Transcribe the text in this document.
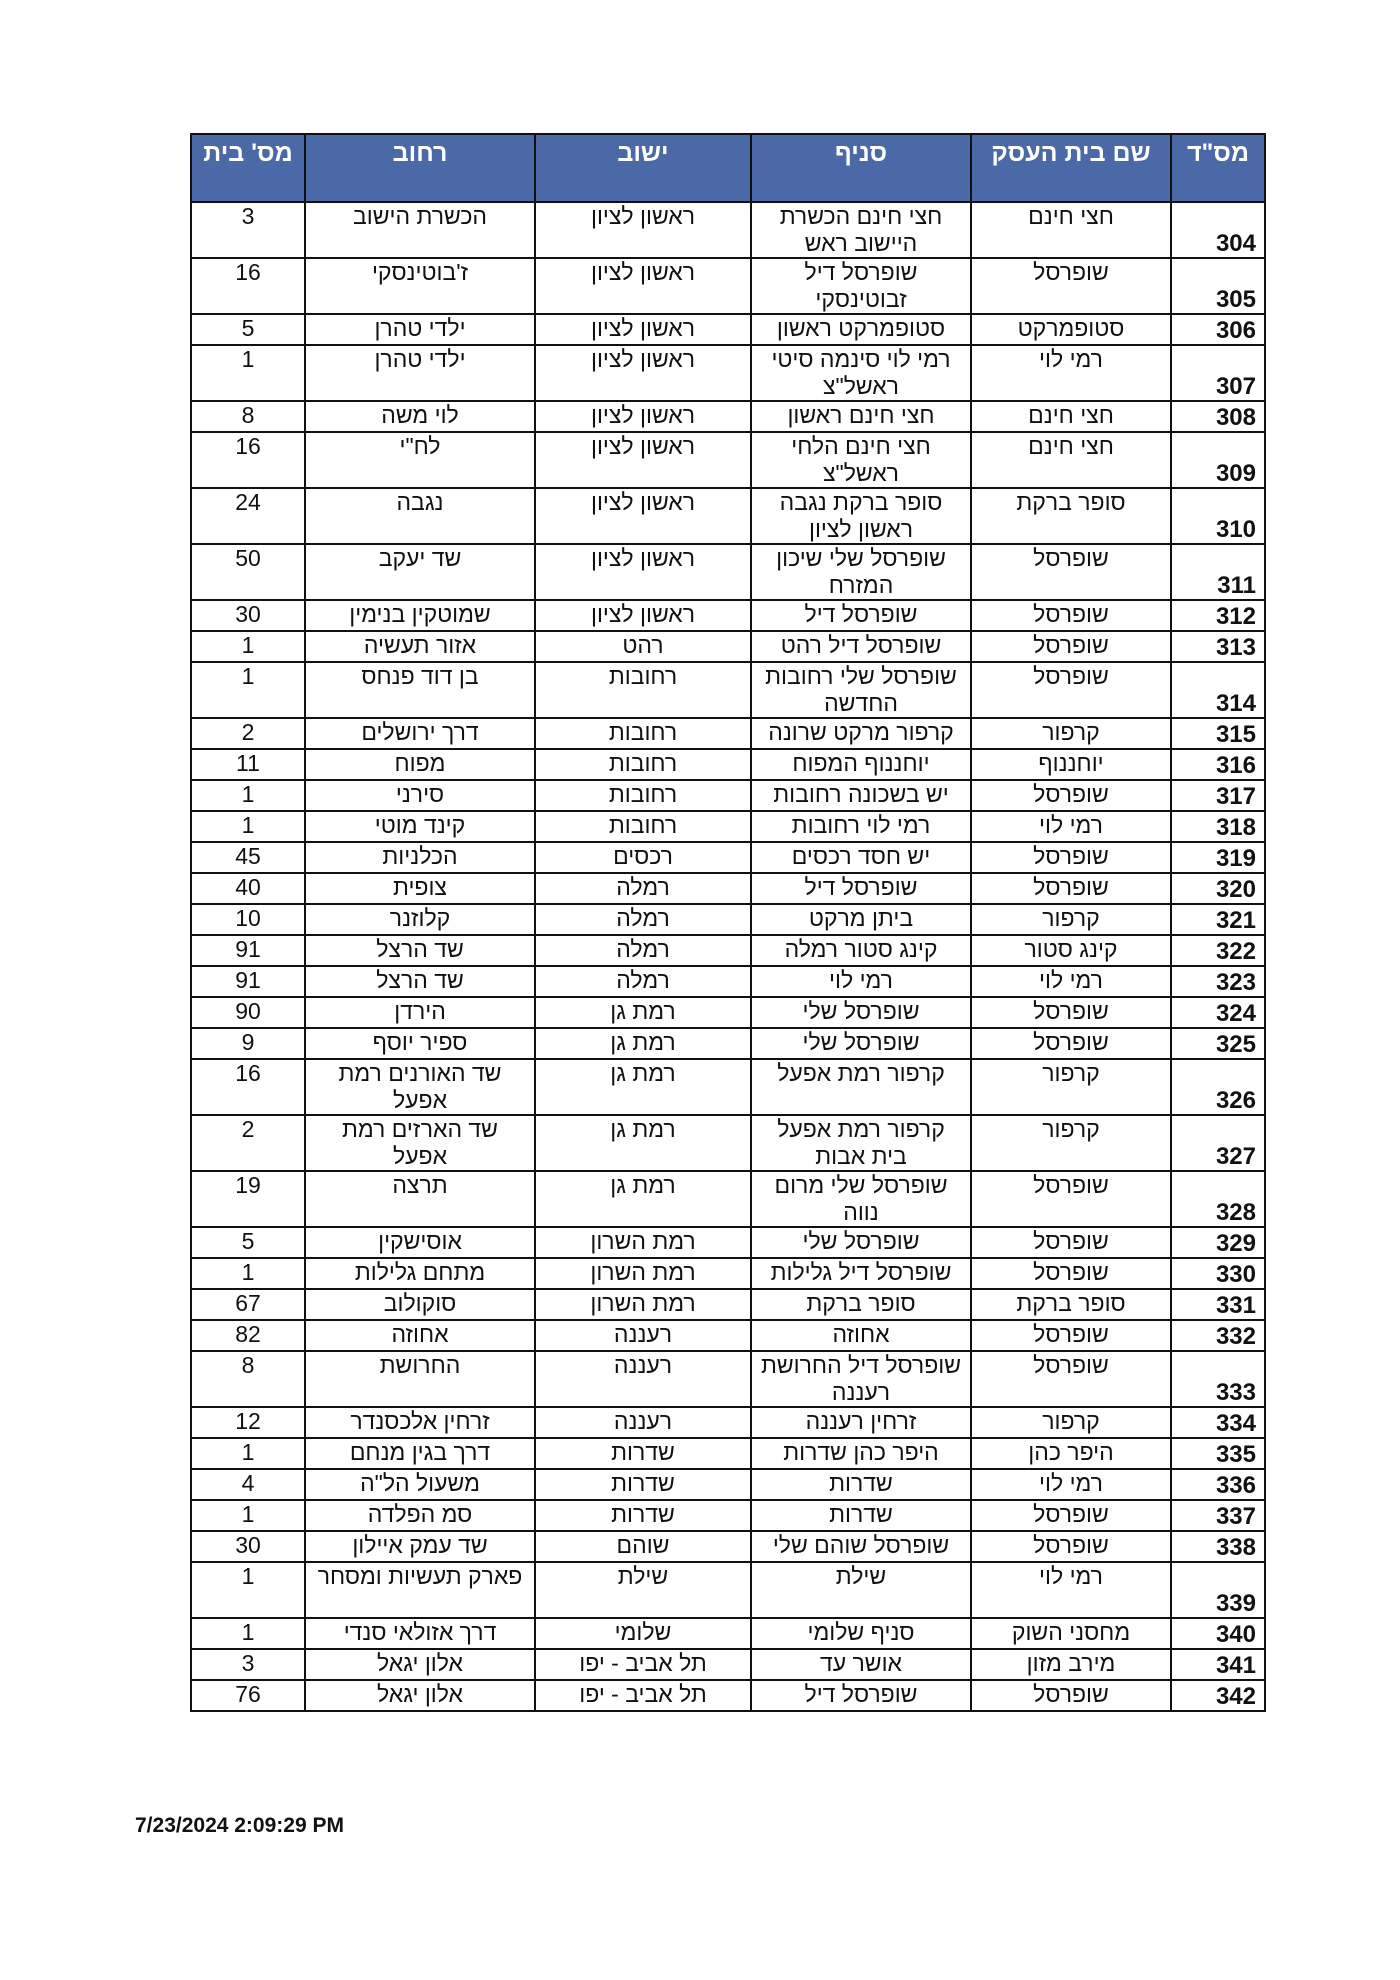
מס"ד	שם בית העסק	סניף	ישוב	רחוב	מס' בית
304	חצי חינם	חצי חינם הכשרת היישוב ראש	ראשון לציון	הכשרת הישוב	3
305	שופרסל	שופרסל דיל זבוטינסקי	ראשון לציון	ז'בוטינסקי	16
306	סטופמרקט	סטופמרקט ראשון	ראשון לציון	ילדי טהרן	5
307	רמי לוי	רמי לוי סינמה סיטי ראשל"צ	ראשון לציון	ילדי טהרן	1
308	חצי חינם	חצי חינם ראשון	ראשון לציון	לוי משה	8
309	חצי חינם	חצי חינם הלחי ראשל"צ	ראשון לציון	לח"י	16
310	סופר ברקת	סופר ברקת נגבה ראשון לציון	ראשון לציון	נגבה	24
311	שופרסל	שופרסל שלי שיכון המזרח	ראשון לציון	שד יעקב	50
312	שופרסל	שופרסל דיל	ראשון לציון	שמוטקין בנימין	30
313	שופרסל	שופרסל דיל רהט	רהט	אזור תעשיה	1
314	שופרסל	שופרסל שלי רחובות החדשה	רחובות	בן דוד פנחס	1
315	קרפור	קרפור מרקט שרונה	רחובות	דרך ירושלים	2
316	יוחננוף	יוחננוף המפוח	רחובות	מפוח	11
317	שופרסל	יש בשכונה רחובות	רחובות	סירני	1
318	רמי לוי	רמי לוי רחובות	רחובות	קינד מוטי	1
319	שופרסל	יש חסד רכסים	רכסים	הכלניות	45
320	שופרסל	שופרסל דיל	רמלה	צופית	40
321	קרפור	ביתן מרקט	רמלה	קלוזנר	10
322	קינג סטור	קינג סטור רמלה	רמלה	שד הרצל	91
323	רמי לוי	רמי לוי	רמלה	שד הרצל	91
324	שופרסל	שופרסל שלי	רמת גן	הירדן	90
325	שופרסל	שופרסל שלי	רמת גן	ספיר יוסף	9
326	קרפור	קרפור רמת אפעל	רמת גן	שד האורנים רמת אפעל	16
327	קרפור	קרפור רמת אפעל בית אבות	רמת גן	שד הארזים רמת אפעל	2
328	שופרסל	שופרסל שלי מרום נווה	רמת גן	תרצה	19
329	שופרסל	שופרסל שלי	רמת השרון	אוסישקין	5
330	שופרסל	שופרסל דיל גלילות	רמת השרון	מתחם גלילות	1
331	סופר ברקת	סופר ברקת	רמת השרון	סוקולוב	67
332	שופרסל	אחוזה	רעננה	אחוזה	82
333	שופרסל	שופרסל דיל החרושת רעננה	רעננה	החרושת	8
334	קרפור	זרחין רעננה	רעננה	זרחין אלכסנדר	12
335	היפר כהן	היפר כהן שדרות	שדרות	דרך בגין מנחם	1
336	רמי לוי	שדרות	שדרות	משעול הל"ה	4
337	שופרסל	שדרות	שדרות	סמ הפלדה	1
338	שופרסל	שופרסל שוהם שלי	שוהם	שד עמק איילון	30
339	רמי לוי	שילת	שילת	פארק תעשיות ומסחר	1
340	מחסני השוק	סניף שלומי	שלומי	דרך אזולאי סנדי	1
341	מירב מזון	אושר עד	תל אביב - יפו	אלון יגאל	3
342	שופרסל	שופרסל דיל	תל אביב - יפו	אלון יגאל	76
7/23/2024 2:09:29 PM
